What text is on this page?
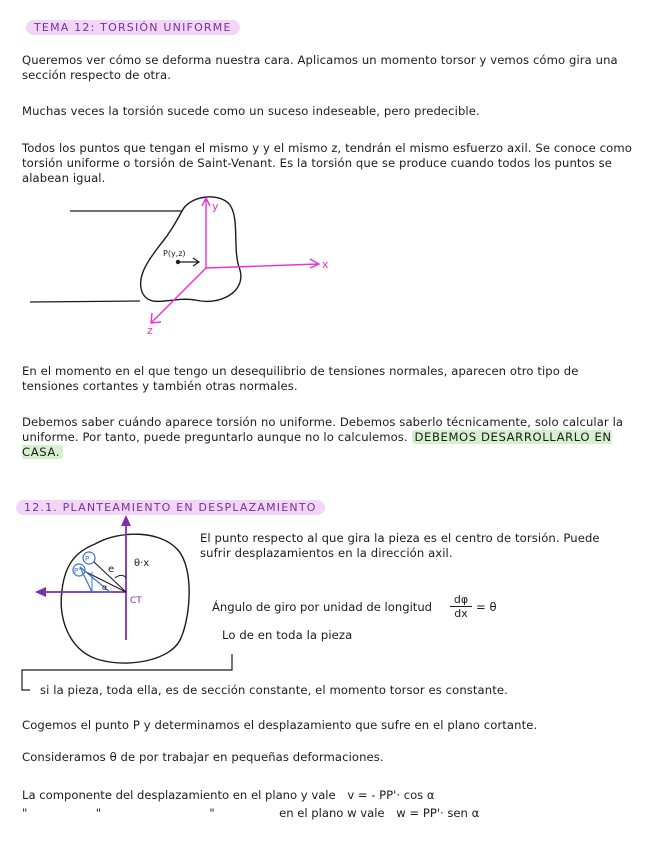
TEMA 12: TORSIÓN UNIFORME

Queremos ver cómo se deforma nuestra cara. Aplicamos un momento torsor y vemos cómo gira una sección respecto de otra.

Muchas veces la torsión sucede como un suceso indeseable, pero predecible.

Todos los puntos que tengan el mismo y y el mismo z, tendrán el mismo esfuerzo axil. Se conoce como torsión uniforme o torsión de Saint-Venant. Es la torsión que se produce cuando todos los puntos se alabean igual.

y
x
z
P(y,z)

En el momento en el que tengo un desequilibrio de tensiones normales, aparecen otro tipo de tensiones cortantes y también otras normales.

Debemos saber cuándo aparece torsión no uniforme. Debemos saberlo técnicamente, solo calcular la uniforme. Por tanto, puede preguntarlo aunque no lo calculemos. DEBEMOS DESARROLLARLO EN CASA.

12.1. PLANTEAMIENTO EN DESPLAZAMIENTO
P
P'
θ·x
e
α
CT

El punto respecto al que gira la pieza es el centro de torsión. Puede sufrir desplazamientos en la dirección axil.

Ángulo de giro por unidad de longitud $\frac{d\varphi}{dx} = \theta$

Lo de en toda la pieza

si la pieza, toda ella, es de sección constante, el momento torsor es constante.

Cogemos el punto P y determinamos el desplazamiento que sufre en el plano cortante.

Consideramos θ de por trabajar en pequeñas deformaciones.

La componente del desplazamiento en el plano y vale v = - PP'· cos α
"	"	"	en el plano w vale w = PP'· sen α
